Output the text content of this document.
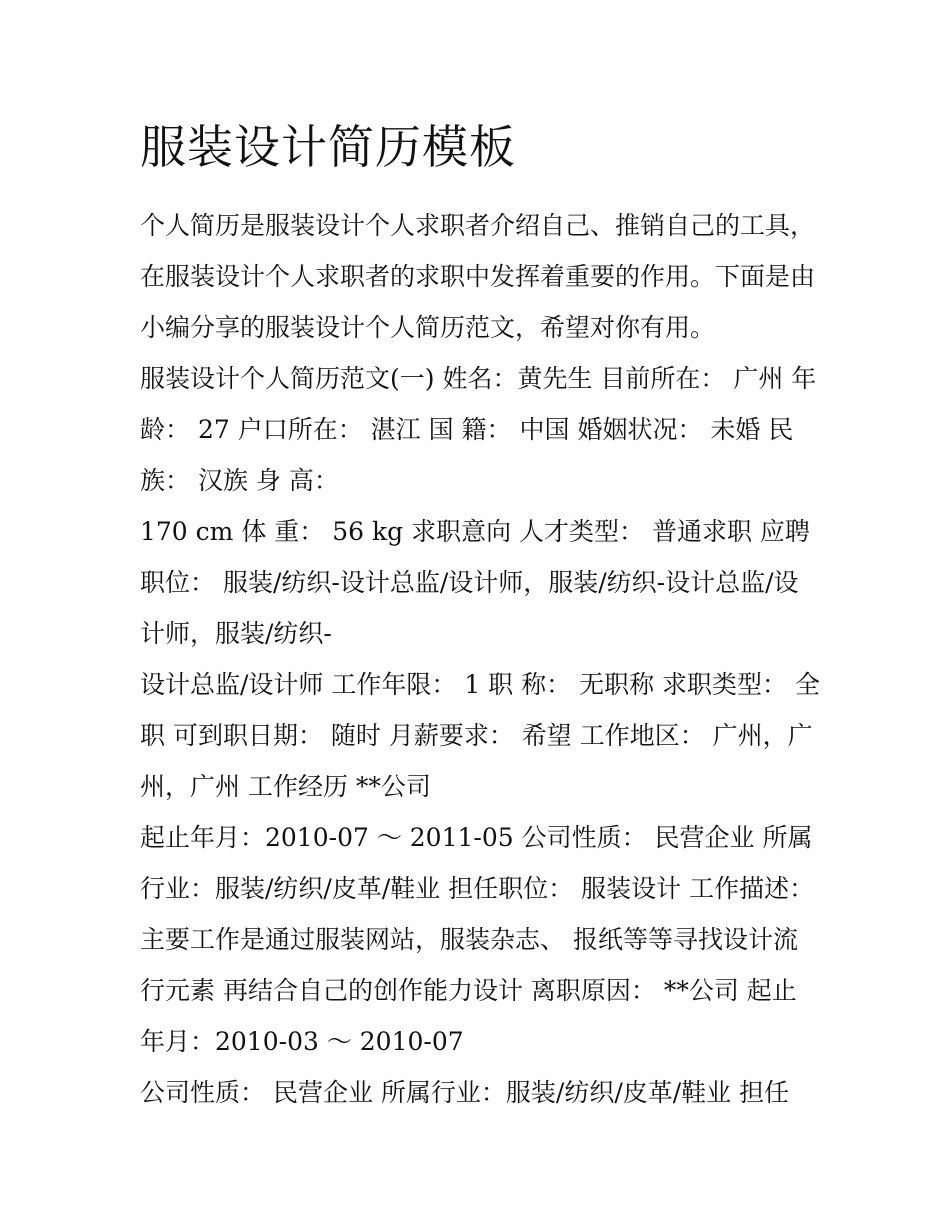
服装设计简历模板

个人简历是服装设计个人求职者介绍自己、推销自己的工具，在服装设计个人求职者的求职中发挥着重要的作用。下面是由小编分享的服装设计个人简历范文，希望对你有用。

服装设计个人简历范文(一) 姓名：黄先生 目前所在： 广州 年龄： 27 户口所在： 湛江 国 籍： 中国 婚姻状况： 未婚 民族： 汉族 身 高：

170 cm 体 重： 56 kg 求职意向 人才类型： 普通求职 应聘职位： 服装/纺织-设计总监/设计师，服装/纺织-设计总监/设计师，服装/纺织-

设计总监/设计师 工作年限： 1 职 称： 无职称 求职类型： 全职 可到职日期： 随时 月薪要求： 希望 工作地区： 广州，广州，广州 工作经历 **公司

起止年月：2010-07 ～ 2011-05 公司性质： 民营企业 所属行业：服装/纺织/皮革/鞋业 担任职位： 服装设计 工作描述：主要工作是通过服装网站，服装杂志、 报纸等等寻找设计流行元素 再结合自己的创作能力设计 离职原因： **公司 起止年月：2010-03 ～ 2010-07

公司性质： 民营企业 所属行业：服装/纺织/皮革/鞋业 担任
